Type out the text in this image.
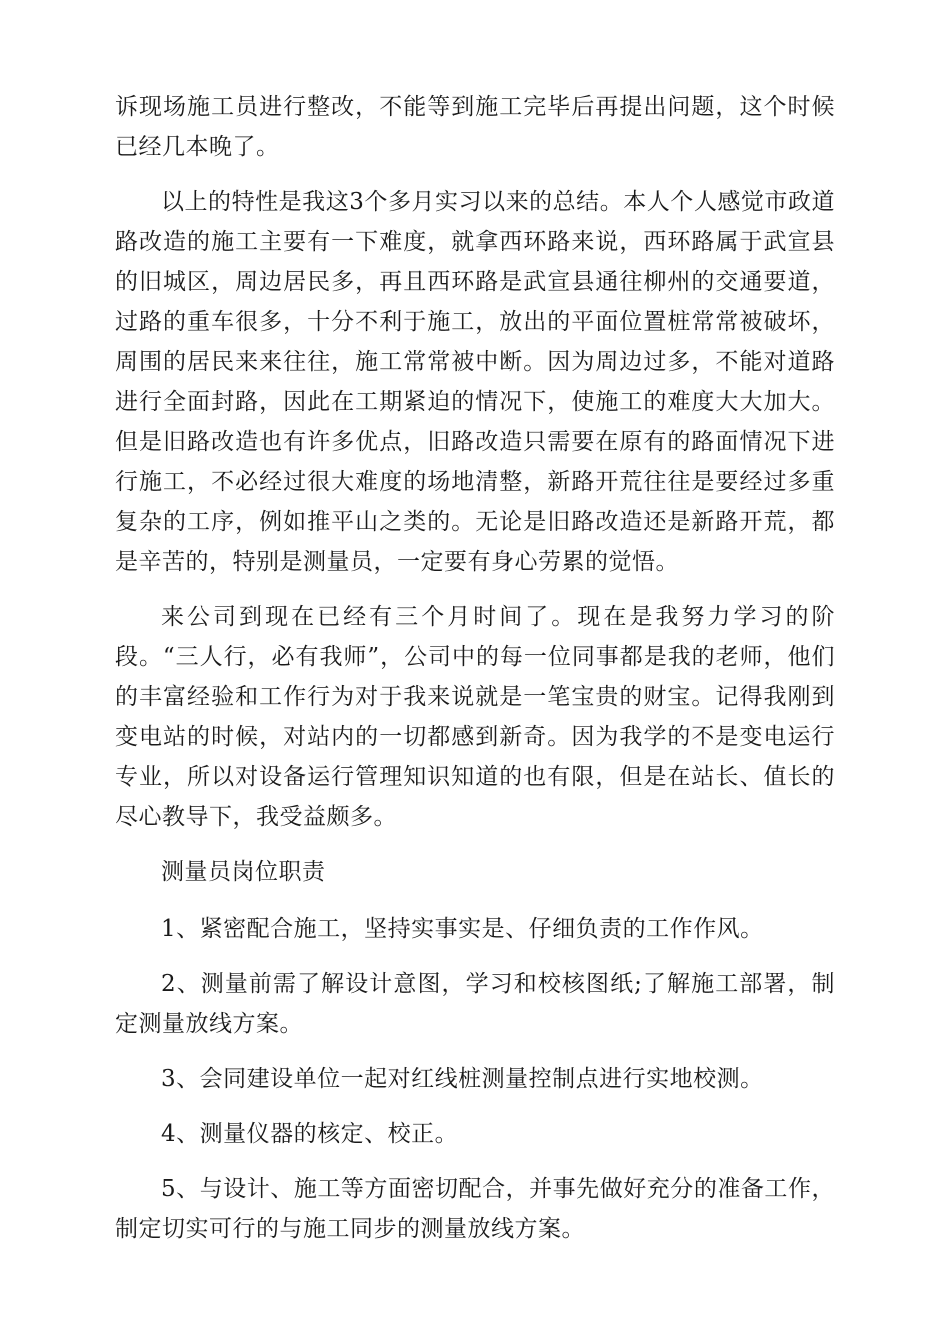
诉现场施工员进行整改，不能等到施工完毕后再提出问题，这个时候已经几本晚了。

以上的特性是我这3个多月实习以来的总结。本人个人感觉市政道路改造的施工主要有一下难度，就拿西环路来说，西环路属于武宣县的旧城区，周边居民多，再且西环路是武宣县通往柳州的交通要道，过路的重车很多，十分不利于施工，放出的平面位置桩常常被破坏，周围的居民来来往往，施工常常被中断。因为周边过多，不能对道路进行全面封路，因此在工期紧迫的情况下，使施工的难度大大加大。但是旧路改造也有许多优点，旧路改造只需要在原有的路面情况下进行施工，不必经过很大难度的场地清整，新路开荒往往是要经过多重复杂的工序，例如推平山之类的。无论是旧路改造还是新路开荒，都是辛苦的，特别是测量员，一定要有身心劳累的觉悟。

来公司到现在已经有三个月时间了。现在是我努力学习的阶段。“三人行，必有我师”，公司中的每一位同事都是我的老师，他们的丰富经验和工作行为对于我来说就是一笔宝贵的财宝。记得我刚到变电站的时候，对站内的一切都感到新奇。因为我学的不是变电运行专业，所以对设备运行管理知识知道的也有限，但是在站长、值长的尽心教导下，我受益颇多。

测量员岗位职责

1、紧密配合施工，坚持实事实是、仔细负责的工作作风。

2、测量前需了解设计意图，学习和校核图纸;了解施工部署，制定测量放线方案。

3、会同建设单位一起对红线桩测量控制点进行实地校测。

4、测量仪器的核定、校正。

5、与设计、施工等方面密切配合，并事先做好充分的准备工作，制定切实可行的与施工同步的测量放线方案。
